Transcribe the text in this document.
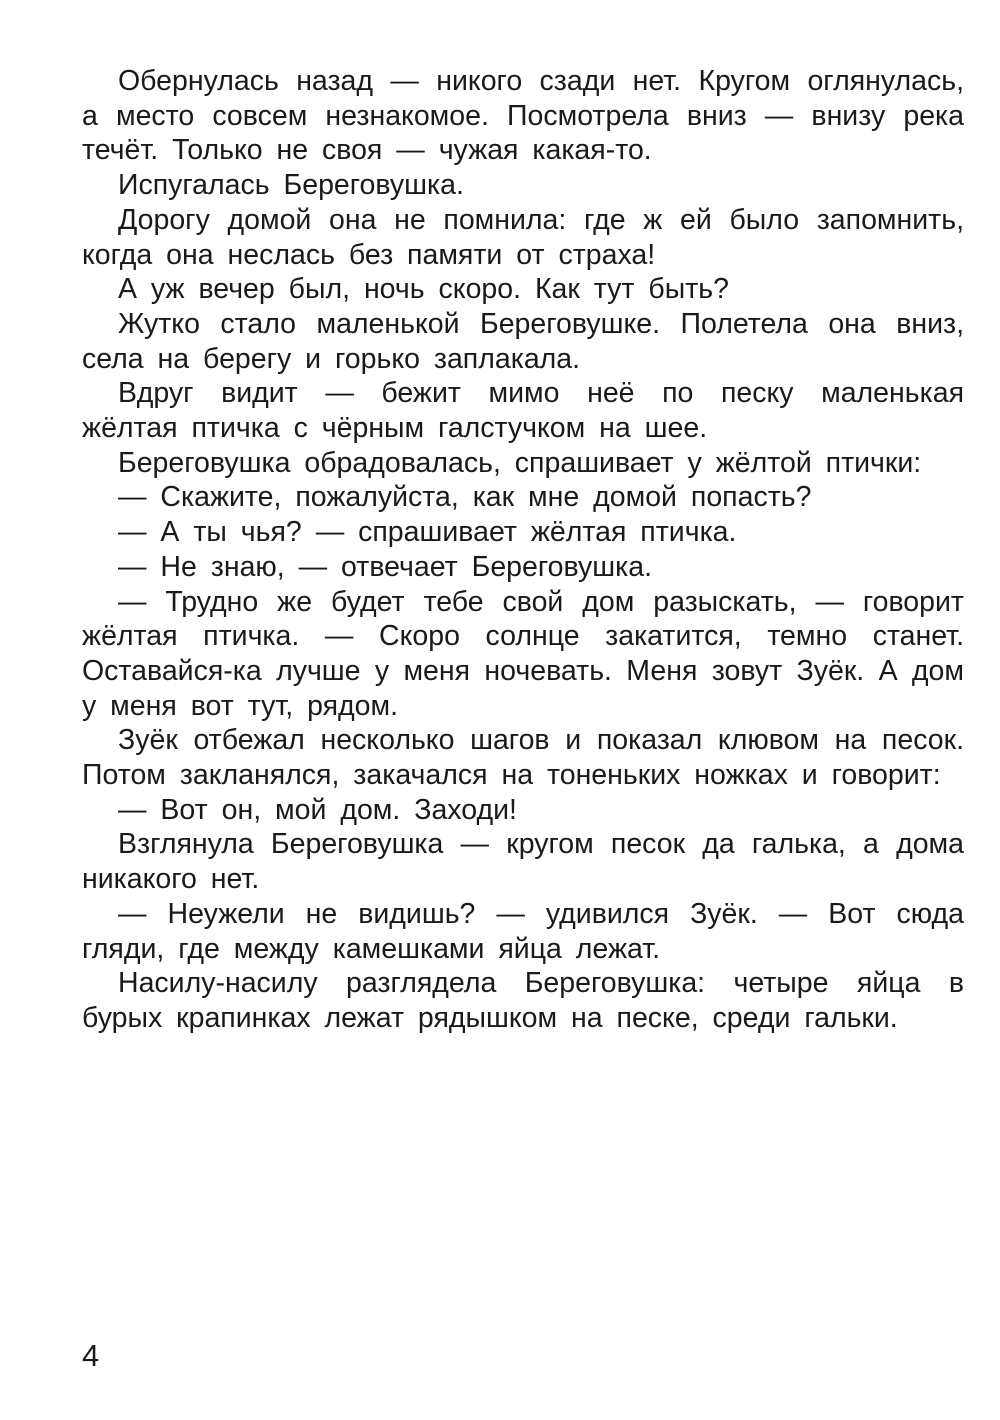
Обернулась назад — никого сзади нет. Кругом оглянулась, а место совсем незнакомое. Посмотрела вниз — внизу река течёт. Только не своя — чужая какая-то.

Испугалась Береговушка.

Дорогу домой она не помнила: где ж ей было запомнить, когда она неслась без памяти от страха!

А уж вечер был, ночь скоро. Как тут быть?

Жутко стало маленькой Береговушке. Полетела она вниз, села на берегу и горько заплакала.

Вдруг видит — бежит мимо неё по песку маленькая жёлтая птичка с чёрным галстучком на шее.

Береговушка обрадовалась, спрашивает у жёлтой птички:

— Скажите, пожалуйста, как мне домой попасть?

— А ты чья? — спрашивает жёлтая птичка.

— Не знаю, — отвечает Береговушка.

— Трудно же будет тебе свой дом разыскать, — говорит жёлтая птичка. — Скоро солнце закатится, темно станет. Оставайся-ка лучше у меня ночевать. Меня зовут Зуёк. А дом у меня вот тут, рядом.

Зуёк отбежал несколько шагов и показал клювом на песок. Потом закланялся, закачался на тоненьких ножках и говорит:

— Вот он, мой дом. Заходи!

Взглянула Береговушка — кругом песок да галька, а дома никакого нет.

— Неужели не видишь? — удивился Зуёк. — Вот сюда гляди, где между камешками яйца лежат.

Насилу-насилу разглядела Береговушка: четыре яйца в бурых крапинках лежат рядышком на песке, среди гальки.

4
